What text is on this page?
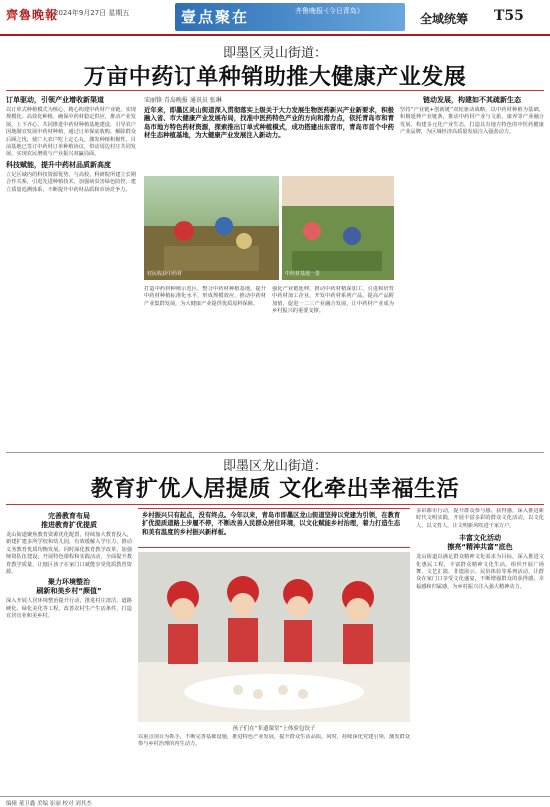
齊魯晚報
2024年9月27日 星期五	壹点聚在	齐鲁晚报·《今日青岛》
全域统筹 T55
即墨区灵山街道：
万亩中药订单种销助推大健康产业发展
订单驱动，引领产业增收新渠道

以订单式种植模式为核心，精心构建中药材产业链，实现规模化、高效化种植，确保中药材稳定供应，推动产业发展。上下齐心，共同推进中药材种植基地建设，引导农户因地制宜发展中药材种植，通过订单保底收购，解除群众后顾之忧，使广大农户吃上定心丸，激发种植积极性。目前基地已签订中药材订单种植协议，带动周边村庄共同发展，实现农民增收与产业振兴双赢局面。

科技赋能，提升中药材品质新高度

立足区域内的科技资源优势，与高校、科研院所建立长期合作关系，引进先进种植技术，加强病虫害绿色防控，建立质量追溯体系，不断提升中药材品质和市场竞争力。

宋丽锋 青岛晚报 通讯员 张琳
近年来，即墨区灵山街道深入贯彻落实上级关于大力发展生物医药新兴产业新要求，积极融入省、市大健康产业发展布局，找准中医药特色产业的方向和潜力点，依托青岛市和青岛市地方特色药材资源，探索推出订单式种植模式，成功搭建出东营市，青岛市首个中药材生态种植基地，为大健康产业发展注入新动力。
村民收获中药材	中药材基地一景

打造中药材种植示范区，整合中药材种植基地，提升中药材种植标准化水平，形成规模效应，推动中药材产业集群发展，为大健康产业提供优质原料保障。

强化产业链延伸，推动中药材精深加工，引进和培育中药材加工企业，开发中药材系列产品，提高产品附加值，促进一二三产业融合发展，让中药材产业成为乡村振兴的重要支撑。

链动发展，构建如不其疏新生态

坚持“产业链+创新链”双轮驱动战略，以中药材种植为基础，积极延伸产业链条，推动中药材产业与文旅、康养等产业融合发展，构建多元化产业生态，打造具有地方特色的中医药健康产业品牌，为区域经济高质量发展注入强劲动力。

即墨区龙山街道：
教育扩优人居提质 文化牵出幸福生活
完善教育布局
推进教育扩优提质

龙山街道聚焦教育资源优化配置，持续加大教育投入，新建扩建多所学校和幼儿园，有效缓解入学压力，推动义务教育优质均衡发展。同时深化教育教学改革，加强师资队伍建设，开展特色课程和实践活动，全面提升教育教学质量，让辖区孩子在家门口就能享受优质教育资源。

聚力环境整治
刷新和美乡村“颜值”

深入开展人居环境整治提升行动，推进村庄清洁、道路硬化、绿化美化等工程，改善农村生产生活条件，打造宜居宜业和美乡村。

乡村振兴只有起点，没有终点。今年以来，青岛市即墨区龙山街道坚持以党建为引领，在教育扩优提质道路上步履不停，不断改善人民群众居住环境，以文化赋能乡村治理，着力打造生态和美有温度的乡村振兴新样板。
孩子们在“非遗课堂”上体验包饺子

以重点项目为抓手，不断完善基础设施，推进特色产业发展，提升群众生活品质。同时，持续深化党建引领，激发群众参与乡村治理的内生动力。

多彩都市行动，提升群众参与感、获得感，深入推进新时代文明实践，开展丰富多彩的群众文化活动，以文化人、以文育人，让文明新风吹进千家万户。

丰富文化活动
擦亮“精神共富”底色

龙山街道以满足群众精神文化需求为目标，深入推进文化惠民工程，丰富群众精神文化生活。组织开展广场舞、文艺汇演、非遗展示、民俗体验等系列活动，让群众在家门口享受文化盛宴，不断增强群众的获得感、幸福感和归属感，为乡村振兴注入强大精神动力。

编辑 董卫鑫 美编 崔丽 校对 刘其杰
